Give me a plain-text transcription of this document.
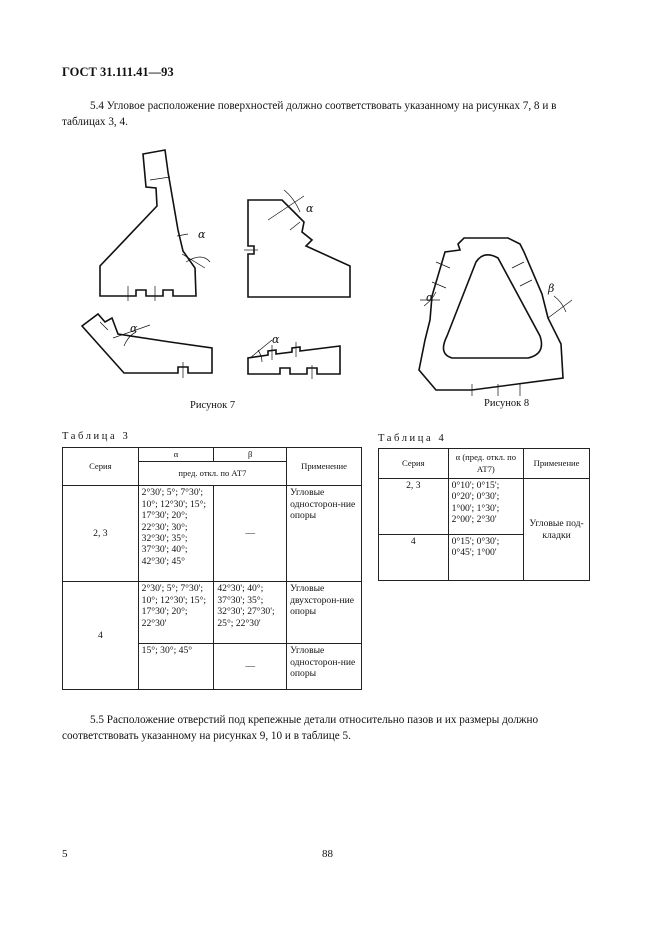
ГОСТ 31.111.41—93
5.4 Угловое расположение поверхностей должно соответствовать указанному на рисунках 7, 8 и в таблицах 3, 4.
α
α
α
α
α
β
Рисунок 7	Рисунок 8
Таблица 3	Таблица 4
Серия	α	β	Применение
	пред. откл. по АТ7		
2, 3	2°30'; 5°; 7°30'; 10°; 12°30'; 15°; 17°30'; 20°; 22°30'; 30°; 32°30'; 35°; 37°30'; 40°; 42°30'; 45°	—	Угловые односторон-ние опоры
4	2°30'; 5°; 7°30'; 10°; 12°30'; 15°; 17°30'; 20°; 22°30'	42°30'; 40°; 37°30'; 35°; 32°30'; 27°30'; 25°; 22°30'	Угловые двухсторон-ние опоры
	15°; 30°; 45°	—	Угловые односторон-ние опоры
Серия	α (пред. откл. по АТ7)	Применение
2, 3	0°10'; 0°15'; 0°20'; 0°30'; 1°00'; 1°30'; 2°00'; 2°30'	Угловые под-кладки
4	0°15'; 0°30'; 0°45'; 1°00'	
5.5 Расположение отверстий под крепежные детали относительно пазов и их размеры должно соответствовать указанному на рисунках 9, 10 и в таблице 5.
5	88
